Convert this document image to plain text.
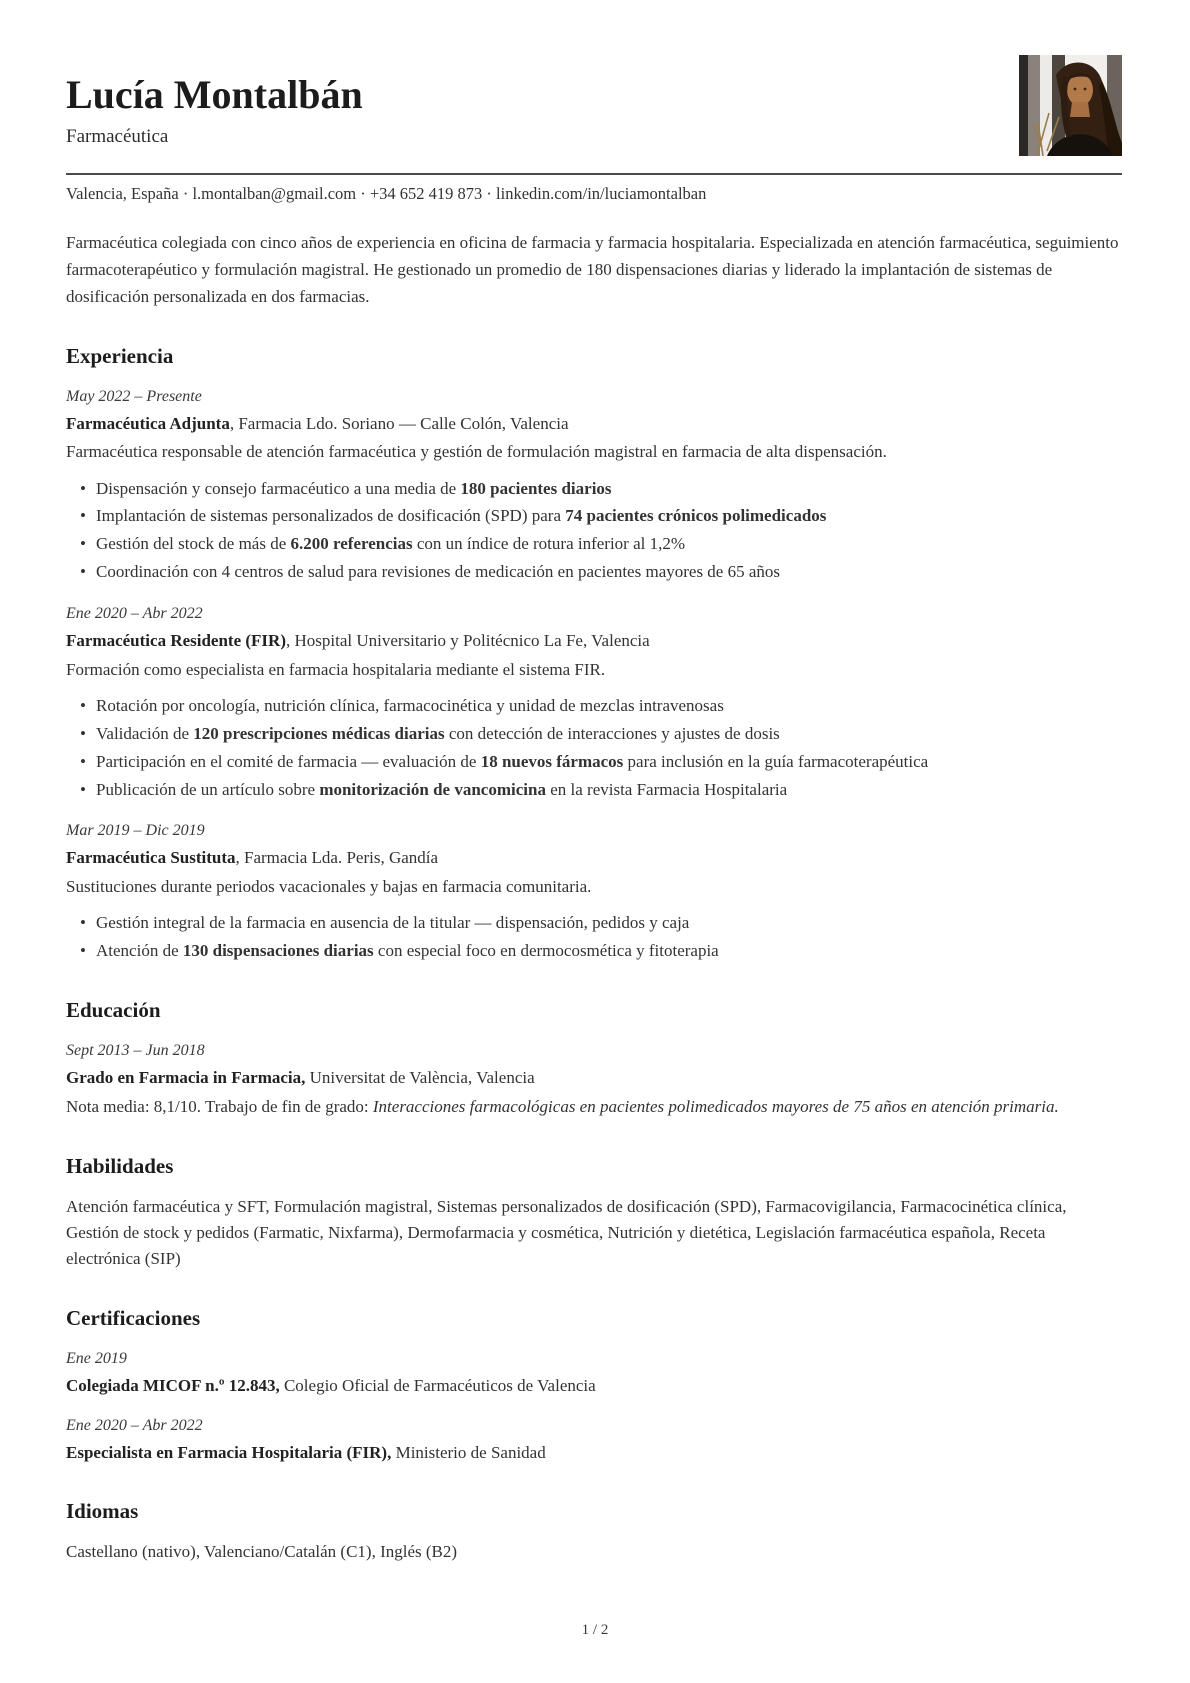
Lucía Montalbán
Farmacéutica
Valencia, España · l.montalban@gmail.com · +34 652 419 873 · linkedin.com/in/luciamontalban

Farmacéutica colegiada con cinco años de experiencia en oficina de farmacia y farmacia hospitalaria. Especializada en atención farmacéutica, seguimiento farmacoterapéutico y formulación magistral. He gestionado un promedio de 180 dispensaciones diarias y liderado la implantación de sistemas de dosificación personalizada en dos farmacias.

Experiencia
May 2022 – Presente

Farmacéutica Adjunta, Farmacia Ldo. Soriano — Calle Colón, Valencia

Farmacéutica responsable de atención farmacéutica y gestión de formulación magistral en farmacia de alta dispensación.

• Dispensación y consejo farmacéutico a una media de 180 pacientes diarios
• Implantación de sistemas personalizados de dosificación (SPD) para 74 pacientes crónicos polimedicados
• Gestión del stock de más de 6.200 referencias con un índice de rotura inferior al 1,2%
• Coordinación con 4 centros de salud para revisiones de medicación en pacientes mayores de 65 años
Ene 2020 – Abr 2022

Farmacéutica Residente (FIR), Hospital Universitario y Politécnico La Fe, Valencia

Formación como especialista en farmacia hospitalaria mediante el sistema FIR.

• Rotación por oncología, nutrición clínica, farmacocinética y unidad de mezclas intravenosas
• Validación de 120 prescripciones médicas diarias con detección de interacciones y ajustes de dosis
• Participación en el comité de farmacia — evaluación de 18 nuevos fármacos para inclusión en la guía farmacoterapéutica
• Publicación de un artículo sobre monitorización de vancomicina en la revista Farmacia Hospitalaria
Mar 2019 – Dic 2019

Farmacéutica Sustituta, Farmacia Lda. Peris, Gandía

Sustituciones durante periodos vacacionales y bajas en farmacia comunitaria.

• Gestión integral de la farmacia en ausencia de la titular — dispensación, pedidos y caja
• Atención de 130 dispensaciones diarias con especial foco en dermocosmética y fitoterapia
Educación
Sept 2013 – Jun 2018

Grado en Farmacia in Farmacia, Universitat de València, Valencia

Nota media: 8,1/10. Trabajo de fin de grado: Interacciones farmacológicas en pacientes polimedicados mayores de 75 años en atención primaria.

Habilidades

Atención farmacéutica y SFT, Formulación magistral, Sistemas personalizados de dosificación (SPD), Farmacovigilancia, Farmacocinética clínica, Gestión de stock y pedidos (Farmatic, Nixfarma), Dermofarmacia y cosmética, Nutrición y dietética, Legislación farmacéutica española, Receta electrónica (SIP)

Certificaciones
Ene 2019

Colegiada MICOF n.º 12.843, Colegio Oficial de Farmacéuticos de Valencia

Ene 2020 – Abr 2022

Especialista en Farmacia Hospitalaria (FIR), Ministerio de Sanidad

Idiomas

Castellano (nativo), Valenciano/Catalán (C1), Inglés (B2)

1 / 2
